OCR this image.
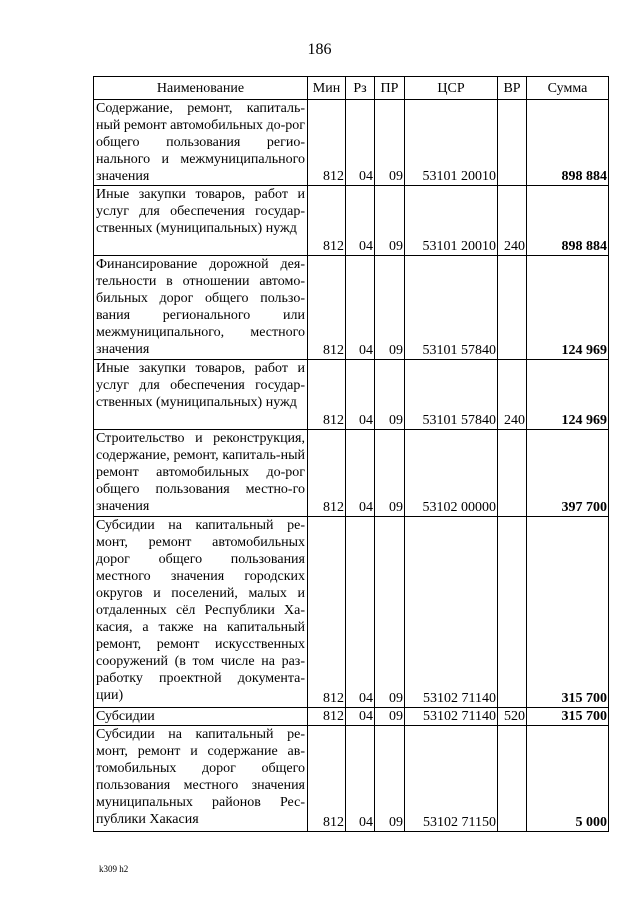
186
Наименование	Мин	Рз	ПР	ЦСР	ВР	Сумма
Содержание, ремонт, капиталь-ный ремонт автомобильных до-рог общего пользования регио-нального и межмуниципального значения	812	04	09	53101 20010		898 884
Иные закупки товаров, работ и услуг для обеспечения государ-ственных (муниципальных) нужд	812	04	09	53101 20010	240	898 884
Финансирование дорожной дея-тельности в отношении автомо-бильных дорог общего пользо-вания регионального или межмуниципального, местного значения	812	04	09	53101 57840		124 969
Иные закупки товаров, работ и услуг для обеспечения государ-ственных (муниципальных) нужд	812	04	09	53101 57840	240	124 969
Строительство и реконструкция, содержание, ремонт, капиталь-ный ремонт автомобильных до-рог общего пользования местно-го значения	812	04	09	53102 00000		397 700
Субсидии на капитальный ре-монт, ремонт автомобильных дорог общего пользования местного значения городских округов и поселений, малых и отдаленных сёл Республики Ха-касия, а также на капитальный ремонт, ремонт искусственных сооружений (в том числе на раз-работку проектной документа-ции)	812	04	09	53102 71140		315 700
Субсидии	812	04	09	53102 71140	520	315 700
Субсидии на капитальный ре-монт, ремонт и содержание ав-томобильных дорог общего пользования местного значения муниципальных районов Рес-публики Хакасия	812	04	09	53102 71150		5 000
k309 h2
